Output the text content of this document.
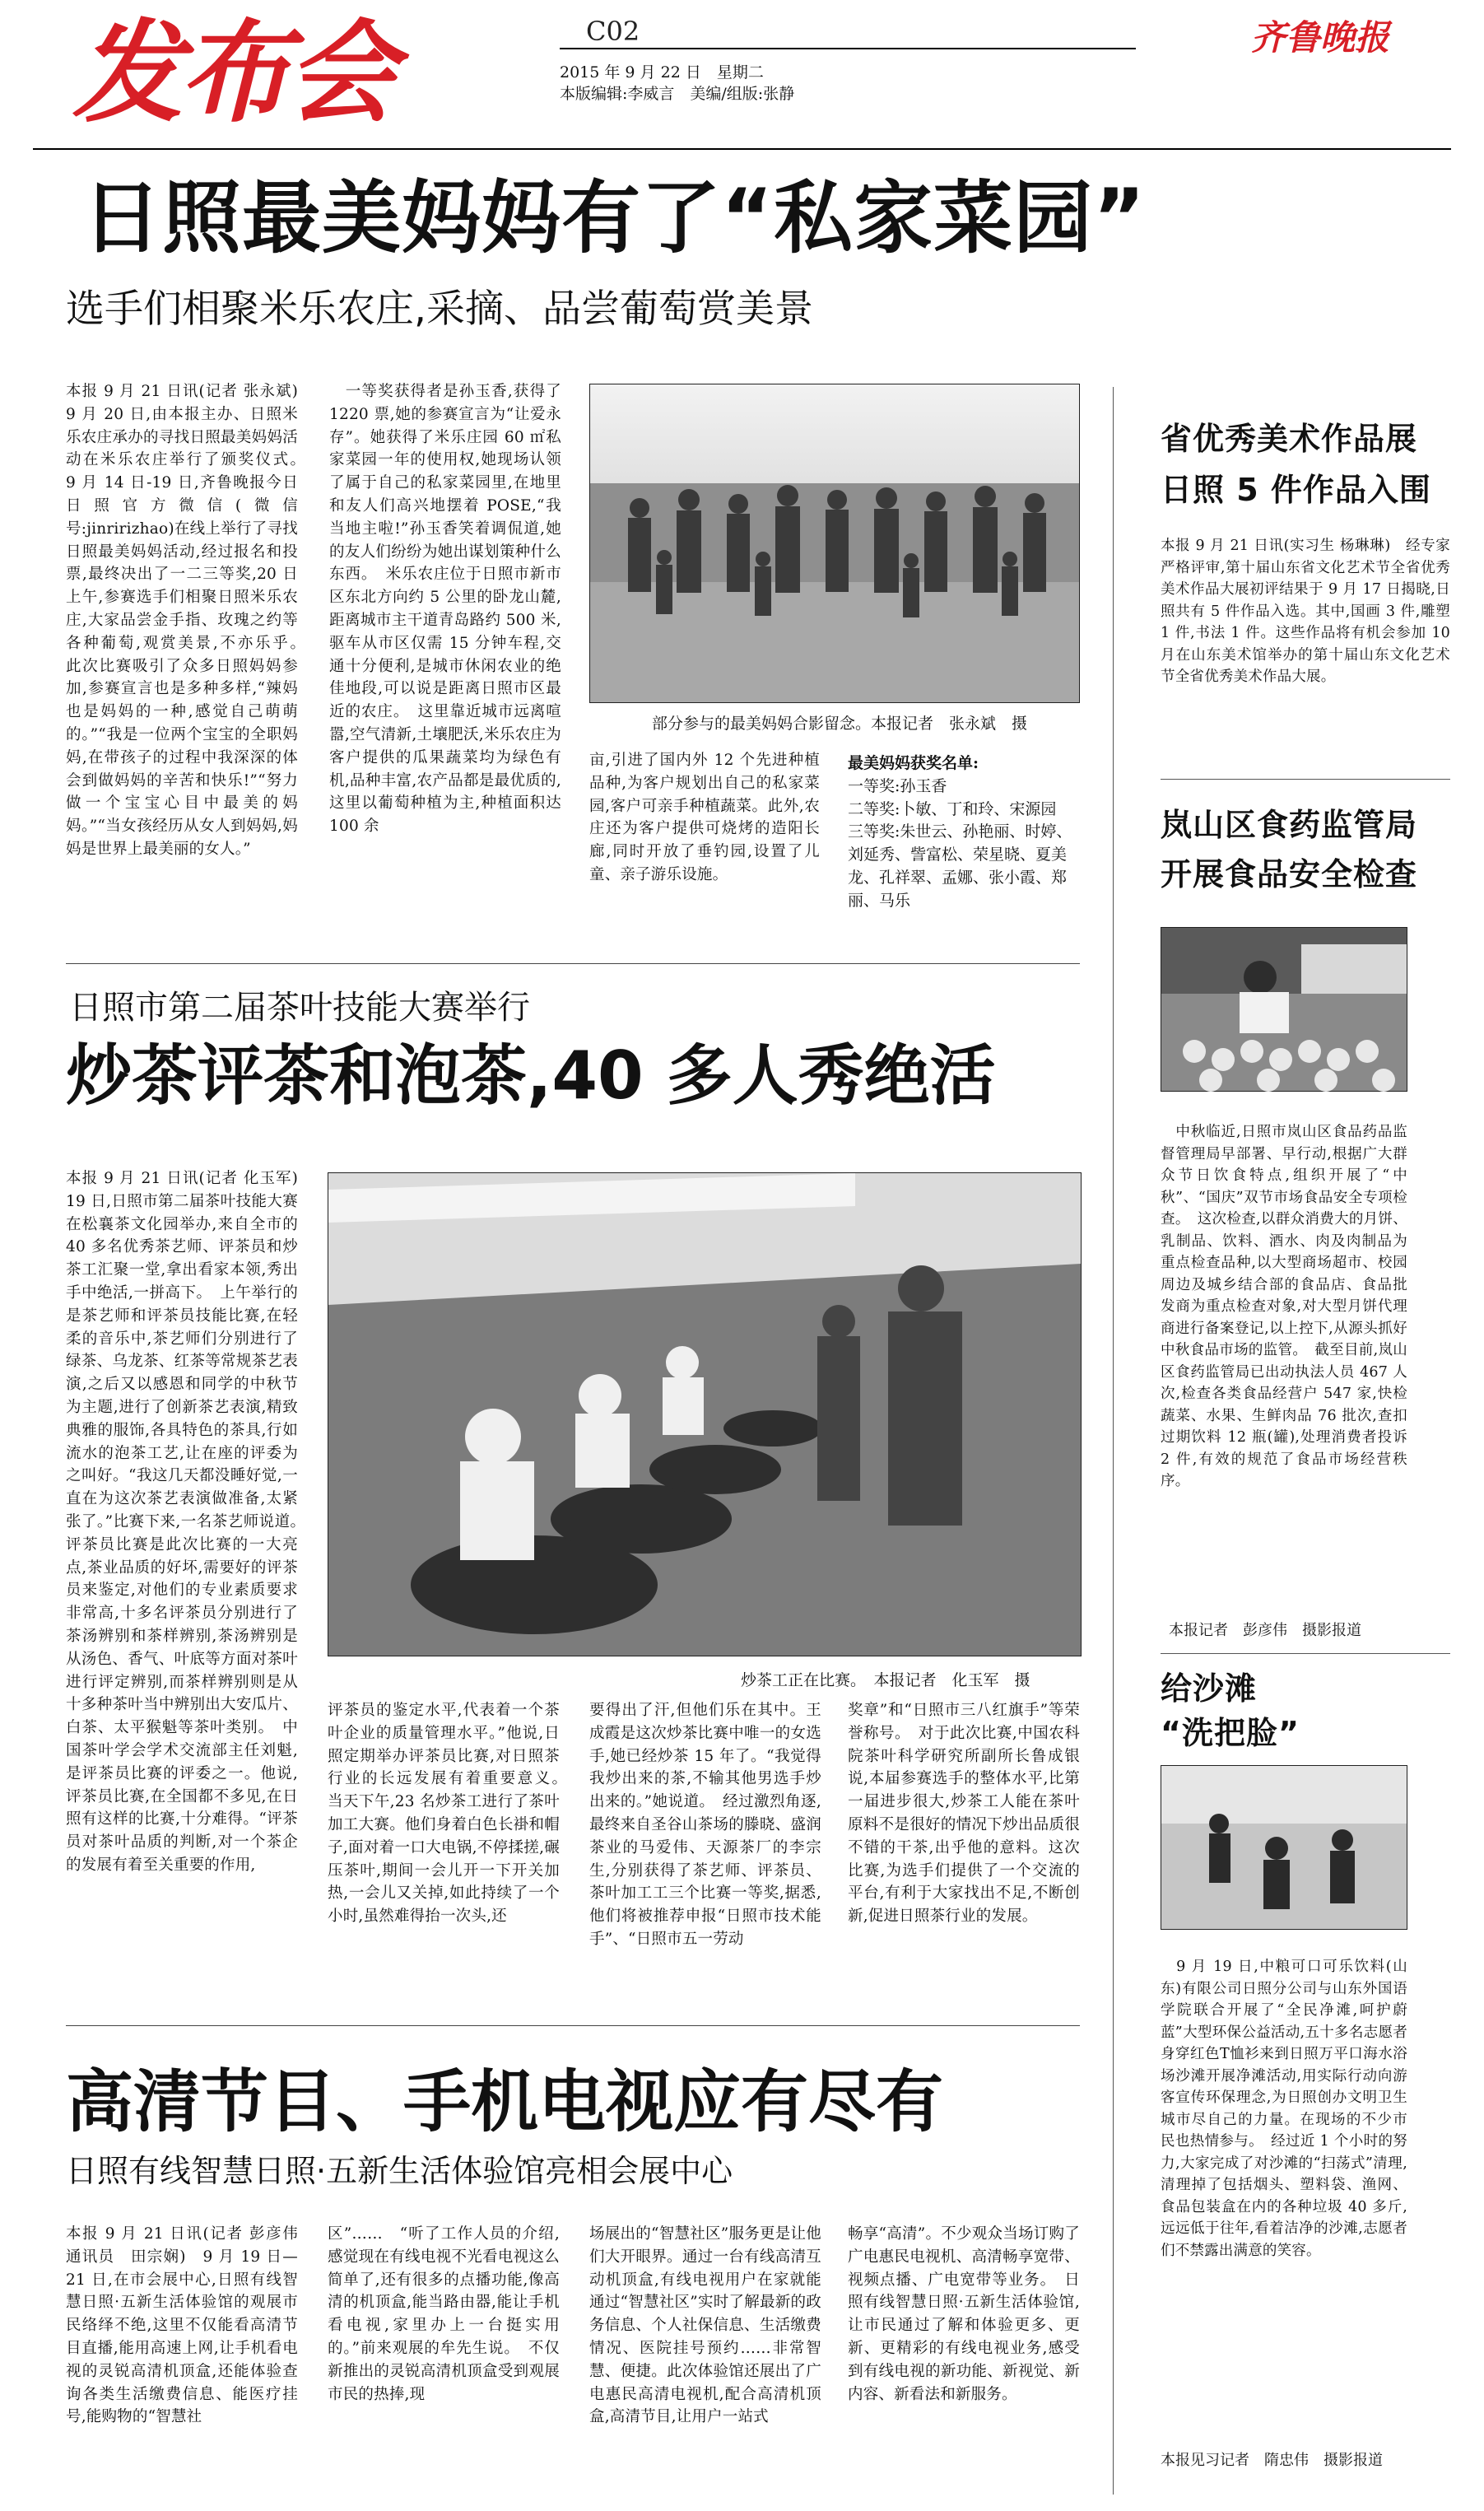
发布会	C02
2015 年 9 月 22 日　星期二
本版编辑:李威言　美编/组版:张静
齐鲁晚报
日照最美妈妈有了“私家菜园”
选手们相聚米乐农庄,采摘、品尝葡萄赏美景
本报 9 月 21 日讯(记者 张永斌)　9 月 20 日,由本报主办、日照米乐农庄承办的寻找日照最美妈妈活动在米乐农庄举行了颁奖仪式。　9 月 14 日-19 日,齐鲁晚报今日日照官方微信(微信号:jinririzhao)在线上举行了寻找日照最美妈妈活动,经过报名和投票,最终决出了一二三等奖,20 日上午,参赛选手们相聚日照米乐农庄,大家品尝金手指、玫瑰之约等各种葡萄,观赏美景,不亦乐乎。　此次比赛吸引了众多日照妈妈参加,参赛宣言也是多种多样,“辣妈也是妈妈的一种,感觉自己萌萌的。”“我是一位两个宝宝的全职妈妈,在带孩子的过程中我深深的体会到做妈妈的辛苦和快乐!”“努力做一个宝宝心目中最美的妈妈。”“当女孩经历从女人到妈妈,妈妈是世界上最美丽的女人。”
　一等奖获得者是孙玉香,获得了 1220 票,她的参赛宣言为“让爱永存”。她获得了米乐庄园 60 ㎡私家菜园一年的使用权,她现场认领了属于自己的私家菜园里,在地里和友人们高兴地摆着 POSE,“我当地主啦!”孙玉香笑着调侃道,她的友人们纷纷为她出谋划策种什么东西。　米乐农庄位于日照市新市区东北方向约 5 公里的卧龙山麓,距离城市主干道青岛路约 500 米,驱车从市区仅需 15 分钟车程,交通十分便利,是城市休闲农业的绝佳地段,可以说是距离日照市区最近的农庄。　这里靠近城市远离喧嚣,空气清新,土壤肥沃,米乐农庄为客户提供的瓜果蔬菜均为绿色有机,品种丰富,农产品都是最优质的,这里以葡萄种植为主,种植面积达 100 余
部分参与的最美妈妈合影留念。本报记者　张永斌　摄
亩,引进了国内外 12 个先进种植品种,为客户规划出自己的私家菜园,客户可亲手种植蔬菜。此外,农庄还为客户提供可烧烤的造阳长廊,同时开放了垂钓园,设置了儿童、亲子游乐设施。
最美妈妈获奖名单:
一等奖:孙玉香
二等奖:卜敏、丁和玲、宋源园
三等奖:朱世云、孙艳丽、时婷、刘延秀、訾富松、荣星晓、夏美龙、孔祥翠、孟娜、张小霞、郑丽、马乐
日照市第二届茶叶技能大赛举行
炒茶评茶和泡茶,40 多人秀绝活
本报 9 月 21 日讯(记者 化玉军)　19 日,日照市第二届茶叶技能大赛在松襄茶文化园举办,来自全市的 40 多名优秀茶艺师、评茶员和炒茶工汇聚一堂,拿出看家本领,秀出手中绝活,一拼高下。　上午举行的是茶艺师和评茶员技能比赛,在轻柔的音乐中,茶艺师们分别进行了绿茶、乌龙茶、红茶等常规茶艺表演,之后又以感恩和同学的中秋节为主题,进行了创新茶艺表演,精致典雅的服饰,各具特色的茶具,行如流水的泡茶工艺,让在座的评委为之叫好。“我这几天都没睡好觉,一直在为这次茶艺表演做准备,太紧张了。”比赛下来,一名茶艺师说道。　评茶员比赛是此次比赛的一大亮点,茶业品质的好坏,需要好的评茶员来鉴定,对他们的专业素质要求非常高,十多名评茶员分别进行了茶汤辨别和茶样辨别,茶汤辨别是从汤色、香气、叶底等方面对茶叶进行评定辨别,而茶样辨别则是从十多种茶叶当中辨别出大安瓜片、白茶、太平猴魁等茶叶类别。　中国茶叶学会学术交流部主任刘魁,是评茶员比赛的评委之一。他说,评茶员比赛,在全国都不多见,在日照有这样的比赛,十分难得。“评茶员对茶叶品质的判断,对一个茶企的发展有着至关重要的作用,
炒茶工正在比赛。　本报记者　化玉军　摄
评茶员的鉴定水平,代表着一个茶叶企业的质量管理水平。”他说,日照定期举办评茶员比赛,对日照茶行业的长远发展有着重要意义。　当天下午,23 名炒茶工进行了茶叶加工大赛。他们身着白色长褂和帽子,面对着一口大电锅,不停揉搓,碾压茶叶,期间一会儿开一下开关加热,一会儿又关掉,如此持续了一个小时,虽然难得抬一次头,还
要得出了汗,但他们乐在其中。王成霞是这次炒茶比赛中唯一的女选手,她已经炒茶 15 年了。“我觉得我炒出来的茶,不输其他男选手炒出来的。”她说道。　经过激烈角逐,最终来自圣谷山茶场的滕晓、盛润茶业的马爱伟、天源茶厂的李宗生,分别获得了茶艺师、评茶员、茶叶加工工三个比赛一等奖,据悉,他们将被推荐申报“日照市技术能手”、“日照市五一劳动
奖章”和“日照市三八红旗手”等荣誉称号。　对于此次比赛,中国农科院茶叶科学研究所副所长鲁成银说,本届参赛选手的整体水平,比第一届进步很大,炒茶工人能在茶叶原料不是很好的情况下炒出品质很不错的干茶,出乎他的意料。这次比赛,为选手们提供了一个交流的平台,有利于大家找出不足,不断创新,促进日照茶行业的发展。
高清节目、手机电视应有尽有
日照有线智慧日照·五新生活体验馆亮相会展中心
本报 9 月 21 日讯(记者 彭彦伟　通讯员　田宗娴)　9 月 19 日—21 日,在市会展中心,日照有线智慧日照·五新生活体验馆的观展市民络绎不绝,这里不仅能看高清节目直播,能用高速上网,让手机看电视的灵锐高清机顶盒,还能体验查询各类生活缴费信息、能医疗挂号,能购物的“智慧社
区”……　“听了工作人员的介绍,感觉现在有线电视不光看电视这么简单了,还有很多的点播功能,像高清的机顶盒,能当路由器,能让手机看电视,家里办上一台挺实用的。”前来观展的牟先生说。　不仅新推出的灵锐高清机顶盒受到观展市民的热捧,现
场展出的“智慧社区”服务更是让他们大开眼界。通过一台有线高清互动机顶盒,有线电视用户在家就能通过“智慧社区”实时了解最新的政务信息、个人社保信息、生活缴费情况、医院挂号预约……非常智慧、便捷。此次体验馆还展出了广电惠民高清电视机,配合高清机顶盒,高清节目,让用户一站式
畅享“高清”。不少观众当场订购了广电惠民电视机、高清畅享宽带、视频点播、广电宽带等业务。　日照有线智慧日照·五新生活体验馆,让市民通过了解和体验更多、更新、更精彩的有线电视业务,感受到有线电视的新功能、新视觉、新内容、新看法和新服务。
省优秀美术作品展
日照 5 件作品入围
本报 9 月 21 日讯(实习生 杨琳琳)　经专家严格评审,第十届山东省文化艺术节全省优秀美术作品大展初评结果于 9 月 17 日揭晓,日照共有 5 件作品入选。其中,国画 3 件,雕塑 1 件,书法 1 件。这些作品将有机会参加 10 月在山东美术馆举办的第十届山东文化艺术节全省优秀美术作品大展。
岚山区食药监管局
开展食品安全检查
　中秋临近,日照市岚山区食品药品监督管理局早部署、早行动,根据广大群众节日饮食特点,组织开展了“中秋”、“国庆”双节市场食品安全专项检查。　这次检查,以群众消费大的月饼、乳制品、饮料、酒水、肉及肉制品为重点检查品种,以大型商场超市、校园周边及城乡结合部的食品店、食品批发商为重点检查对象,对大型月饼代理商进行备案登记,以上控下,从源头抓好中秋食品市场的监管。　截至目前,岚山区食药监管局已出动执法人员 467 人次,检查各类食品经营户 547 家,快检蔬菜、水果、生鲜肉品 76 批次,查扣过期饮料 12 瓶(罐),处理消费者投诉 2 件,有效的规范了食品市场经营秩序。
本报记者　彭彦伟　摄影报道
给沙滩
“洗把脸”
　9 月 19 日,中粮可口可乐饮料(山东)有限公司日照分公司与山东外国语学院联合开展了“全民净滩,呵护蔚蓝”大型环保公益活动,五十多名志愿者身穿红色T恤衫来到日照万平口海水浴场沙滩开展净滩活动,用实际行动向游客宣传环保理念,为日照创办文明卫生城市尽自己的力量。在现场的不少市民也热情参与。　经过近 1 个小时的努力,大家完成了对沙滩的“扫荡式”清理,清理掉了包括烟头、塑料袋、渔网、食品包装盒在内的各种垃圾 40 多斤,远远低于往年,看着洁净的沙滩,志愿者们不禁露出满意的笑容。
本报见习记者　隋忠伟　摄影报道
